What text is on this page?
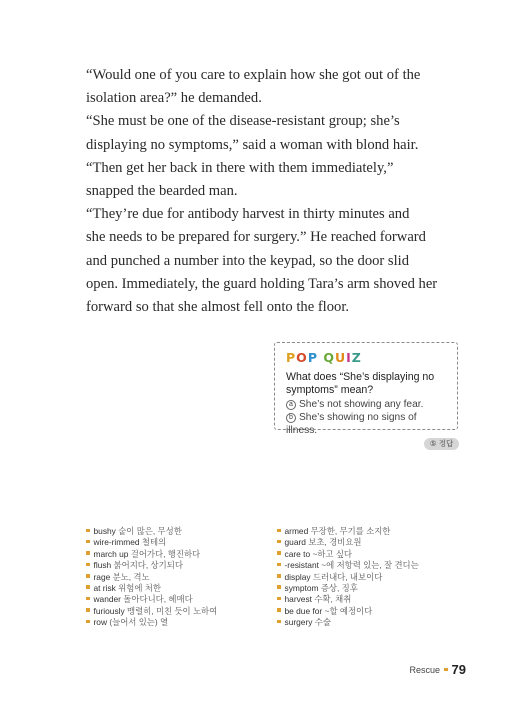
“Would one of you care to explain how she got out of the

isolation area?” he demanded.

“She must be one of the disease-resistant group; she’s

displaying no symptoms,” said a woman with blond hair.

“Then get her back in there with them immediately,”

snapped the bearded man.

“They’re due for antibody harvest in thirty minutes and

she needs to be prepared for surgery.” He reached forward

and punched a number into the keypad, so the door slid

open. Immediately, the guard holding Tara’s arm shoved her

forward so that she almost fell onto the floor.

POP QUIZ
What does “She’s displaying no
symptoms” mean?
a She’s not showing any fear.
b She’s showing no signs of illness.
⑤ 정답
bushy 숱이 많은, 무성한
wire-rimmed 철테의
march up 걸어가다, 행진하다
flush 붉어지다, 상기되다
rage 분노, 격노
at risk 위험에 처한
wander 돌아다니다, 헤매다
furiously 맹렬히, 미친 듯이 노하여
row (늘어서 있는) 열
armed 무장한, 무기를 소지한
guard 보초, 경비요원
care to ~하고 싶다
-resistant ~에 저항력 있는, 잘 견디는
display 드러내다, 내보이다
symptom 증상, 징후
harvest 수확, 채취
be due for ~할 예정이다
surgery 수술
Rescue 79
